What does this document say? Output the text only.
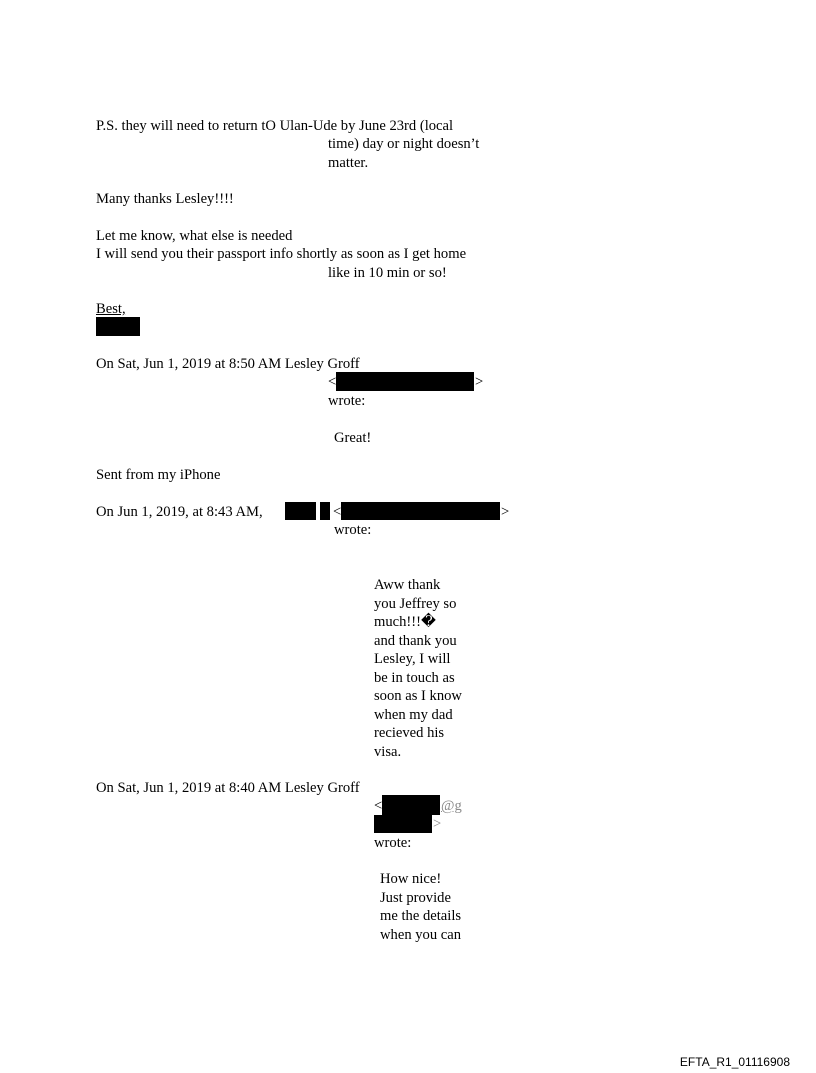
P.S. they will need to return tO Ulan-Ude by June 23rd (local

time) day or night doesn’t

matter.

Many thanks Lesley!!!!

Let me know, what else is needed

I will send you their passport info shortly as soon as I get home

like in 10 min or so!

Best,

On Sat, Jun 1, 2019 at 8:50 AM Lesley Groff

<	>

wrote:

Great!

Sent from my iPhone

On Jun 1, 2019, at 8:43 AM,	<	>

wrote:

Aww thank
you Jeffrey so
much!!!�
and thank you
Lesley, I will
be in touch as
soon as I know
when my dad
recieved his
visa.

On Sat, Jun 1, 2019 at 8:40 AM Lesley Groff

<	@g
>

wrote:

How nice!
Just provide
me the details
when you can
EFTA_R1_01116908
